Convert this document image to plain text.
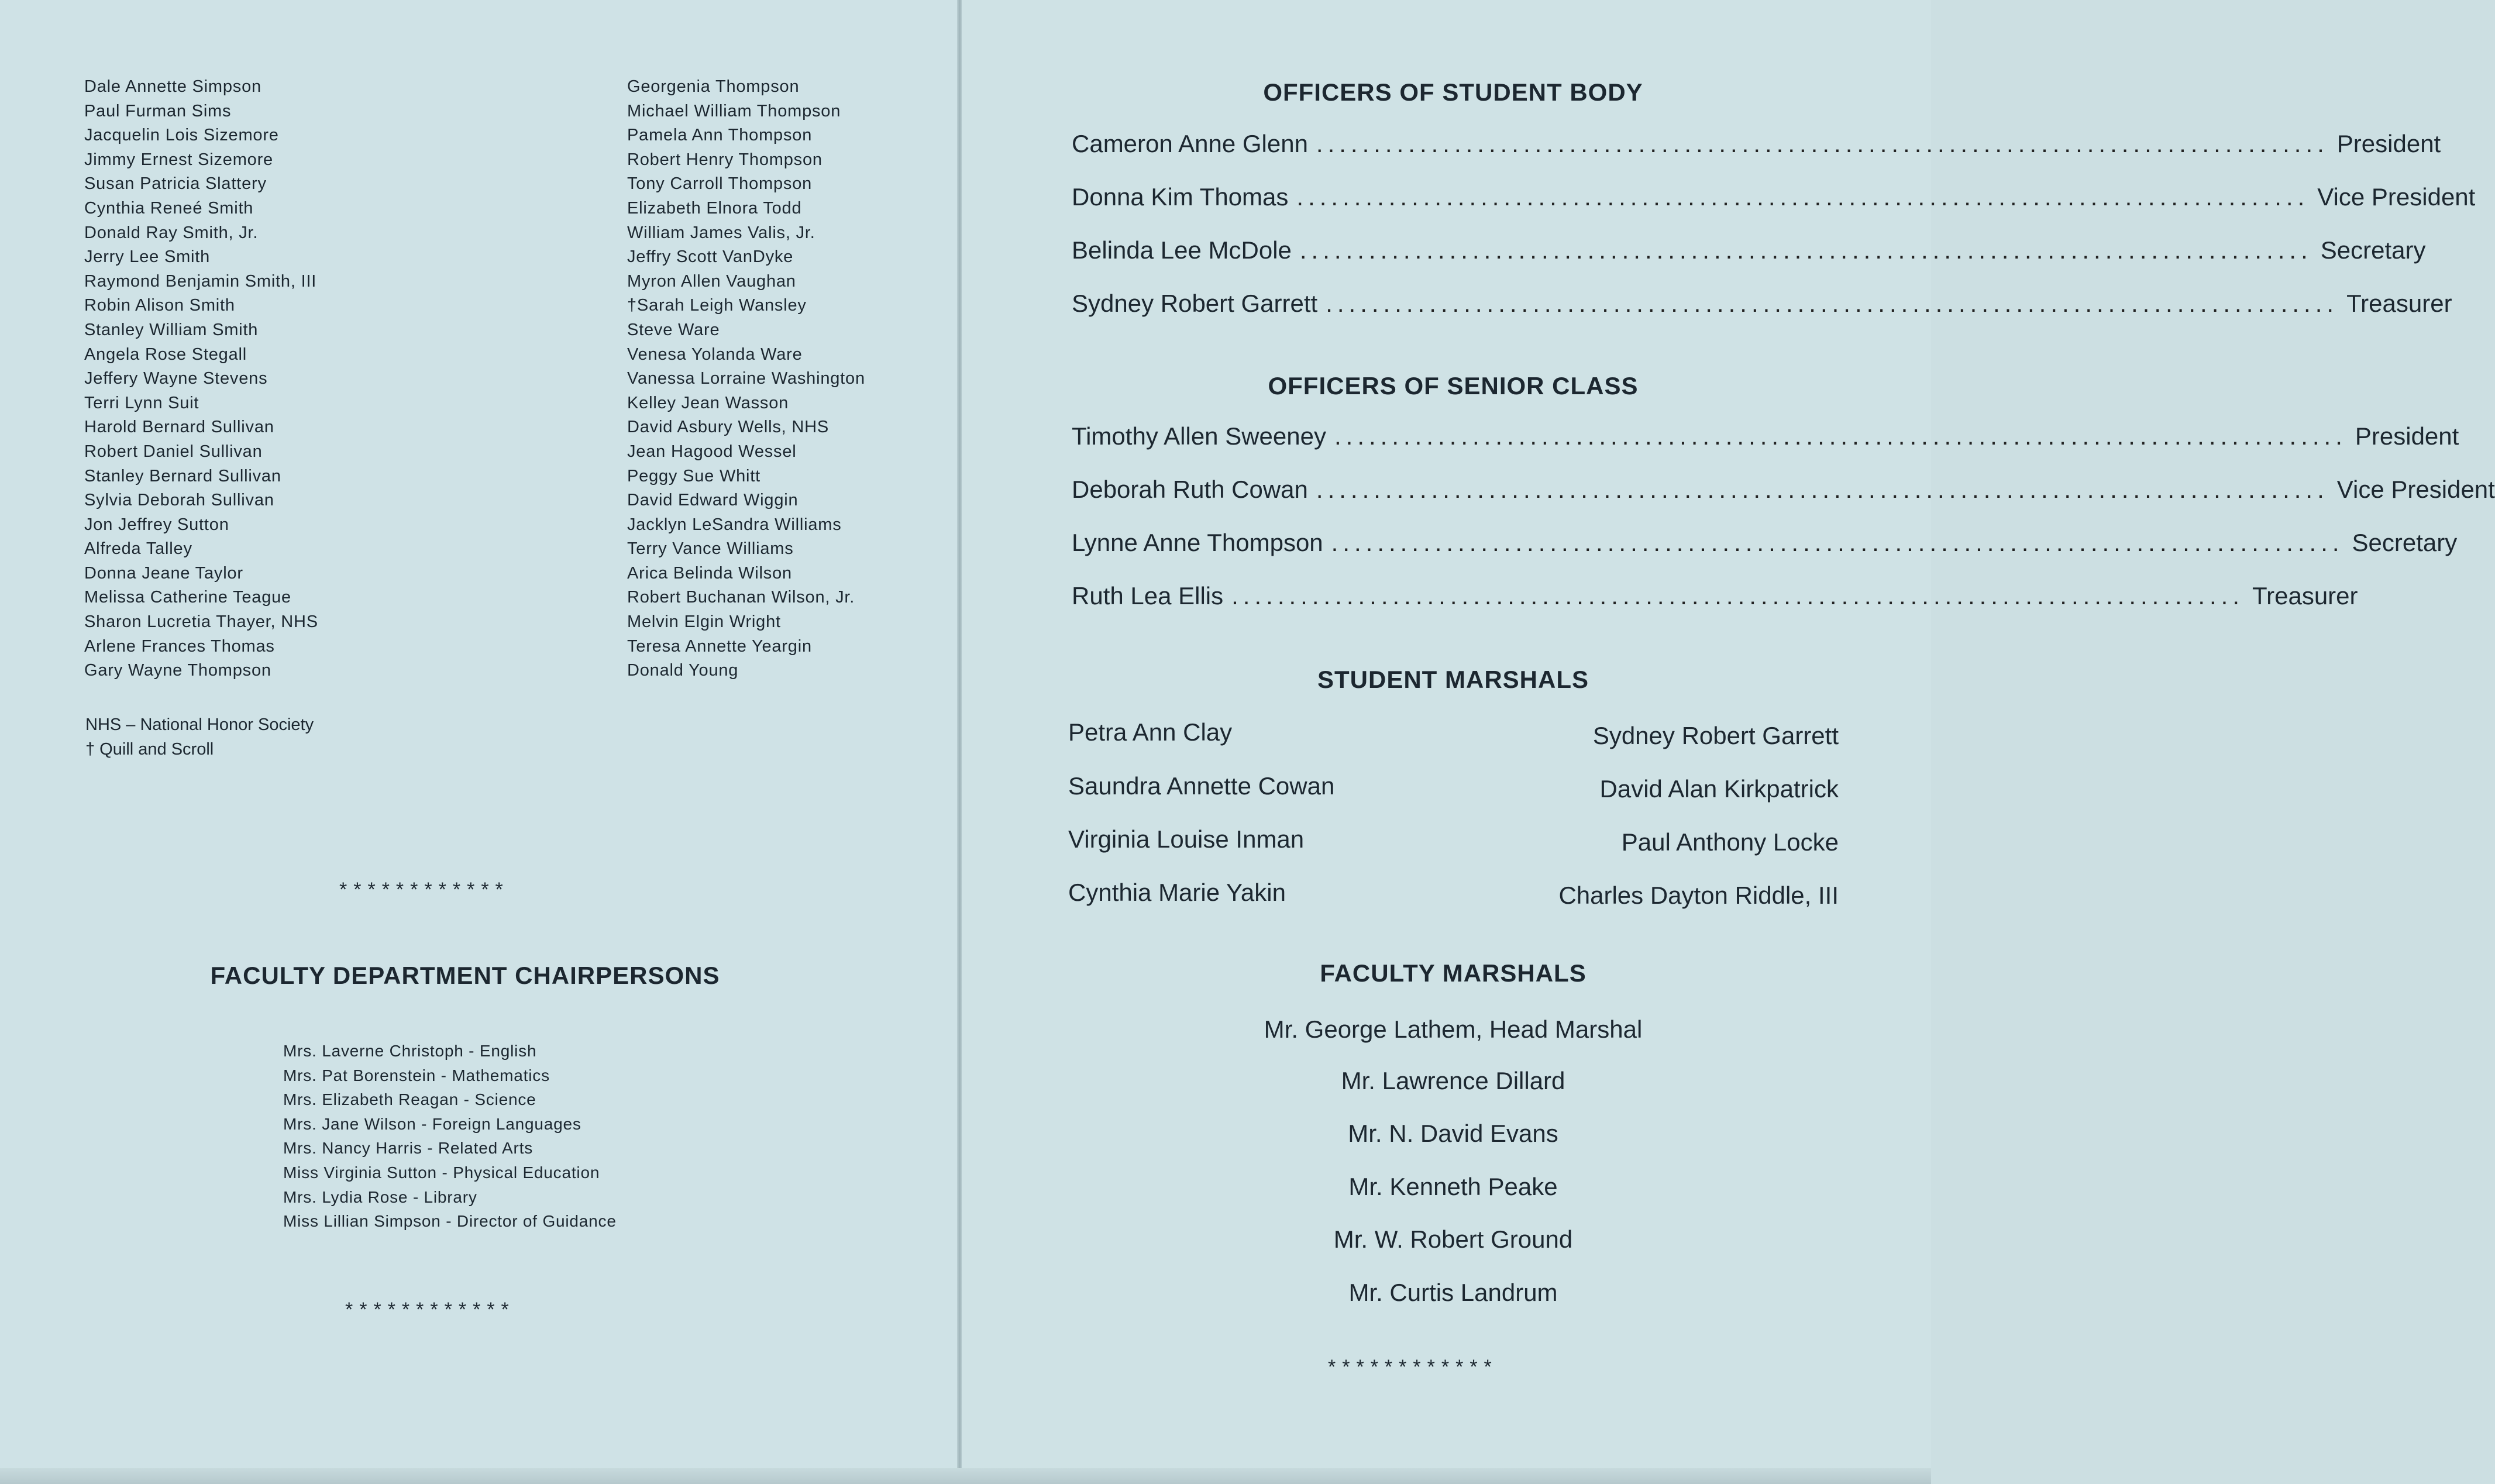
Dale Annette Simpson
Paul Furman Sims
Jacquelin Lois Sizemore
Jimmy Ernest Sizemore
Susan Patricia Slattery
Cynthia Reneé Smith
Donald Ray Smith, Jr.
Jerry Lee Smith
Raymond Benjamin Smith, III
Robin Alison Smith
Stanley William Smith
Angela Rose Stegall
Jeffery Wayne Stevens
Terri Lynn Suit
Harold Bernard Sullivan
Robert Daniel Sullivan
Stanley Bernard Sullivan
Sylvia Deborah Sullivan
Jon Jeffrey Sutton
Alfreda Talley
Donna Jeane Taylor
Melissa Catherine Teague
Sharon Lucretia Thayer, NHS
Arlene Frances Thomas
Gary Wayne Thompson
Georgenia Thompson
Michael William Thompson
Pamela Ann Thompson
Robert Henry Thompson
Tony Carroll Thompson
Elizabeth Elnora Todd
William James Valis, Jr.
Jeffry Scott VanDyke
Myron Allen Vaughan
†Sarah Leigh Wansley
Steve Ware
Venesa Yolanda Ware
Vanessa Lorraine Washington
Kelley Jean Wasson
David Asbury Wells, NHS
Jean Hagood Wessel
Peggy Sue Whitt
David Edward Wiggin
Jacklyn LeSandra Williams
Terry Vance Williams
Arica Belinda Wilson
Robert Buchanan Wilson, Jr.
Melvin Elgin Wright
Teresa Annette Yeargin
Donald Young
NHS – National Honor Society
† Quill and Scroll
************
FACULTY DEPARTMENT CHAIRPERSONS
Mrs. Laverne Christoph - English
Mrs. Pat Borenstein - Mathematics
Mrs. Elizabeth Reagan - Science
Mrs. Jane Wilson - Foreign Languages
Mrs. Nancy Harris - Related Arts
Miss Virginia Sutton - Physical Education
Mrs. Lydia Rose - Library
Miss Lillian Simpson - Director of Guidance
************
OFFICERS OF STUDENT BODY
Cameron Anne Glenn ........................................................................................ President
Donna Kim Thomas ........................................................................................ Vice President
Belinda Lee McDole ........................................................................................ Secretary
Sydney Robert Garrett ........................................................................................ Treasurer
OFFICERS OF SENIOR CLASS
Timothy Allen Sweeney ........................................................................................ President
Deborah Ruth Cowan ........................................................................................ Vice President
Lynne Anne Thompson ........................................................................................ Secretary
Ruth Lea Ellis ........................................................................................ Treasurer
STUDENT MARSHALS
Petra Ann Clay
Saundra Annette Cowan
Virginia Louise Inman
Cynthia Marie Yakin
Sydney Robert Garrett
David Alan Kirkpatrick
Paul Anthony Locke
Charles Dayton Riddle, III
FACULTY MARSHALS
Mr. George Lathem, Head Marshal
Mr. Lawrence Dillard
Mr. N. David Evans
Mr. Kenneth Peake
Mr. W. Robert Ground
Mr. Curtis Landrum
************
